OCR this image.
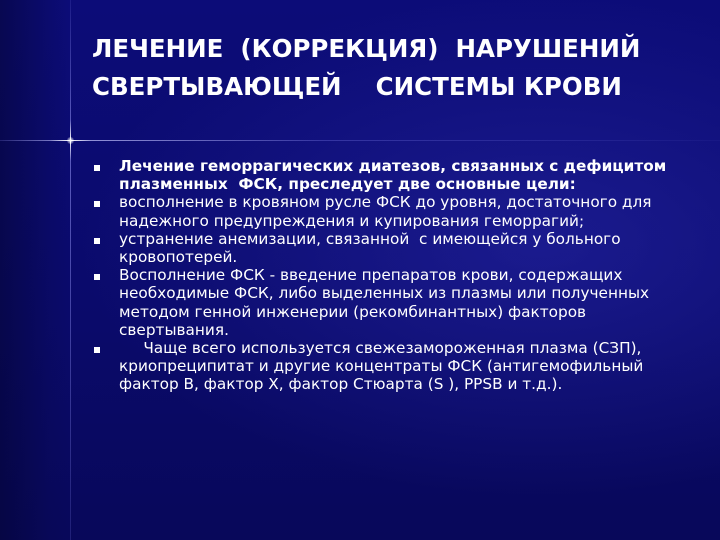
ЛЕЧЕНИЕ  (КОРРЕКЦИЯ)  НАРУШЕНИЙ
СВЕРТЫВАЮЩЕЙ    СИСТЕМЫ КРОВИ
Лечение геморрагических диатезов, связанных с дефицитом плазменных  ФСК, преследует две основные цели:
восполнение в кровяном русле ФСК до уровня, достаточного для надежного предупреждения и купирования геморрагий;
устранение анемизации, связанной  с имеющейся у больного кровопотерей.
Восполнение ФСК - введение препаратов крови, содержащих необходимые ФСК, либо выделенных из плазмы или полученных методом генной инженерии (рекомбинантных) факторов свертывания.
Чаще всего используется свежезамороженная плазма (СЗП), криопреципитат и другие концентраты ФСК (антигемофильный фактор В, фактор X, фактор Стюарта (S ), PPSB и т.д.).
